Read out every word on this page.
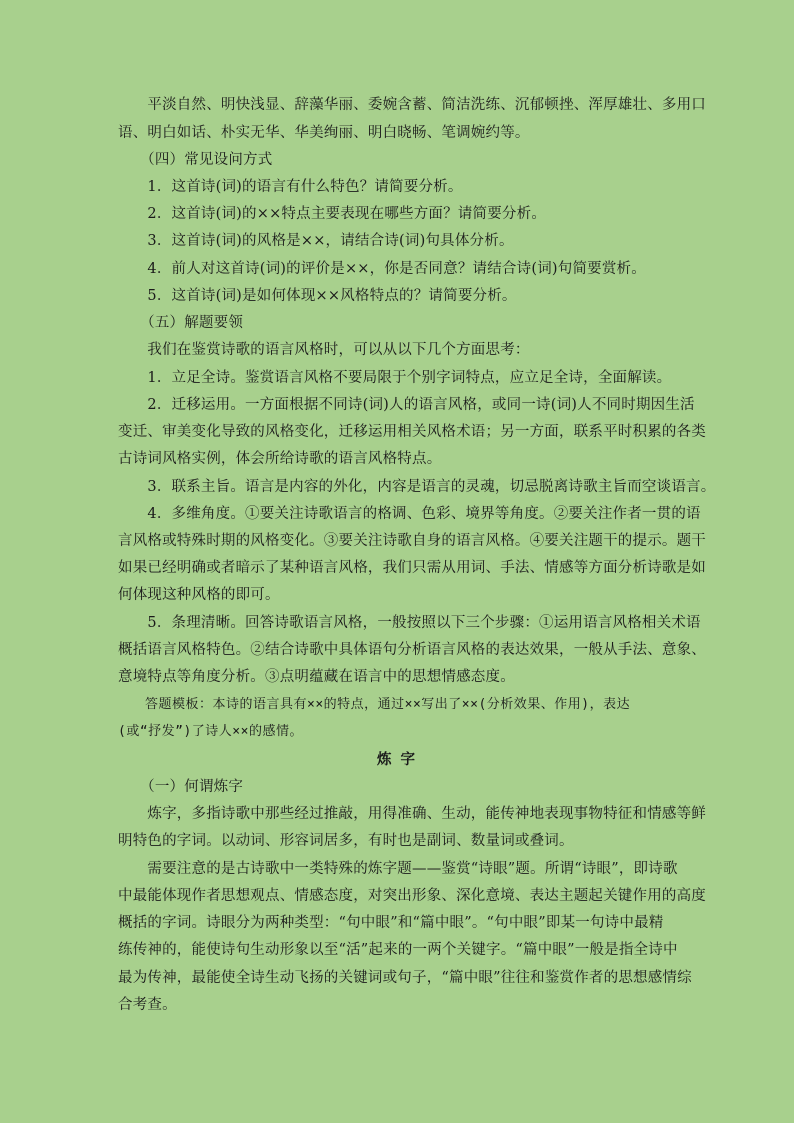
　　平淡自然、明快浅显、辞藻华丽、委婉含蓄、简洁洗练、沉郁顿挫、浑厚雄壮、多用口
语、明白如话、朴实无华、华美绚丽、明白晓畅、笔调婉约等。
　　（四）常见设问方式
　　1．这首诗(词)的语言有什么特色？请简要分析。
　　2．这首诗(词)的××特点主要表现在哪些方面？请简要分析。
　　3．这首诗(词)的风格是××，请结合诗(词)句具体分析。
　　4．前人对这首诗(词)的评价是××，你是否同意？请结合诗(词)句简要赏析。
　　5．这首诗(词)是如何体现××风格特点的？请简要分析。
　　（五）解题要领
　　我们在鉴赏诗歌的语言风格时，可以从以下几个方面思考：
　　1．立足全诗。鉴赏语言风格不要局限于个别字词特点，应立足全诗，全面解读。
　　2．迁移运用。一方面根据不同诗(词)人的语言风格，或同一诗(词)人不同时期因生活
变迁、审美变化导致的风格变化，迁移运用相关风格术语；另一方面，联系平时积累的各类
古诗词风格实例，体会所给诗歌的语言风格特点。
　　3．联系主旨。语言是内容的外化，内容是语言的灵魂，切忌脱离诗歌主旨而空谈语言。
　　4．多维角度。①要关注诗歌语言的格调、色彩、境界等角度。②要关注作者一贯的语
言风格或特殊时期的风格变化。③要关注诗歌自身的语言风格。④要关注题干的提示。题干
如果已经明确或者暗示了某种语言风格，我们只需从用词、手法、情感等方面分析诗歌是如
何体现这种风格的即可。
　　5．条理清晰。回答诗歌语言风格，一般按照以下三个步骤：①运用语言风格相关术语
概括语言风格特色。②结合诗歌中具体语句分析语言风格的表达效果，一般从手法、意象、
意境特点等角度分析。③点明蕴藏在语言中的思想情感态度。
　　答题模板：本诗的语言具有××的特点，通过××写出了××(分析效果、作用)，表达
(或“抒发”)了诗人××的感情。
炼 字
　　（一）何谓炼字
　　炼字，多指诗歌中那些经过推敲，用得准确、生动，能传神地表现事物特征和情感等鲜
明特色的字词。以动词、形容词居多，有时也是副词、数量词或叠词。
　　需要注意的是古诗歌中一类特殊的炼字题——鉴赏“诗眼”题。所谓“诗眼”，即诗歌
中最能体现作者思想观点、情感态度，对突出形象、深化意境、表达主题起关键作用的高度
概括的字词。诗眼分为两种类型：“句中眼”和“篇中眼”。“句中眼”即某一句诗中最精
练传神的，能使诗句生动形象以至“活”起来的一两个关键字。“篇中眼”一般是指全诗中
最为传神，最能使全诗生动飞扬的关键词或句子，“篇中眼”往往和鉴赏作者的思想感情综
合考查。
